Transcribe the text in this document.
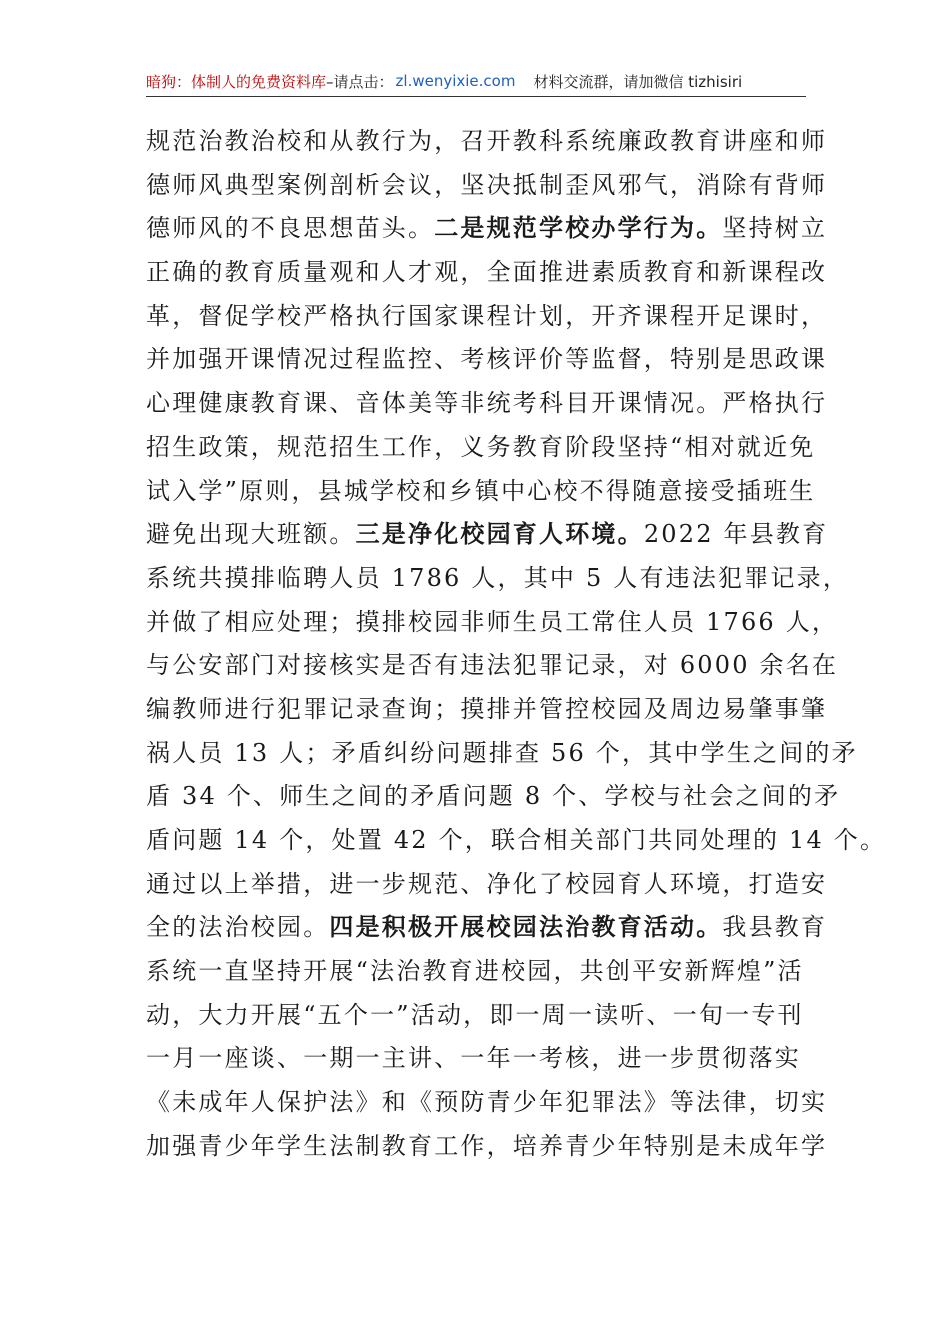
暗狗：体制人的免费资料库 –请点击： zl.wenyixie.com 材料交流群，请加微信 tizhisiri
规范治教治校和从教行为，召开教科系统廉政教育讲座和师
德师风典型案例剖析会议，坚决抵制歪风邪气，消除有背师
德师风的不良思想苗头。二是规范学校办学行为。坚持树立
正确的教育质量观和人才观，全面推进素质教育和新课程改
革，督促学校严格执行国家课程计划，开齐课程开足课时，
并加强开课情况过程监控、考核评价等监督，特别是思政课
心理健康教育课、音体美等非统考科目开课情况。严格执行
招生政策，规范招生工作，义务教育阶段坚持“相对就近免
试入学”原则，县城学校和乡镇中心校不得随意接受插班生
避免出现大班额。三是净化校园育人环境。2022 年县教育
系统共摸排临聘人员 1786 人，其中 5 人有违法犯罪记录，
并做了相应处理；摸排校园非师生员工常住人员 1766 人，
与公安部门对接核实是否有违法犯罪记录，对 6000 余名在
编教师进行犯罪记录查询；摸排并管控校园及周边易肇事肇
祸人员 13 人；矛盾纠纷问题排查 56 个，其中学生之间的矛
盾 34 个、师生之间的矛盾问题 8 个、学校与社会之间的矛
盾问题 14 个，处置 42 个，联合相关部门共同处理的 14 个。
通过以上举措，进一步规范、净化了校园育人环境，打造安
全的法治校园。四是积极开展校园法治教育活动。我县教育
系统一直坚持开展“法治教育进校园，共创平安新辉煌”活
动，大力开展“五个一”活动，即一周一读听、一旬一专刊
一月一座谈、一期一主讲、一年一考核，进一步贯彻落实
《未成年人保护法》和《预防青少年犯罪法》等法律，切实
加强青少年学生法制教育工作，培养青少年特别是未成年学
